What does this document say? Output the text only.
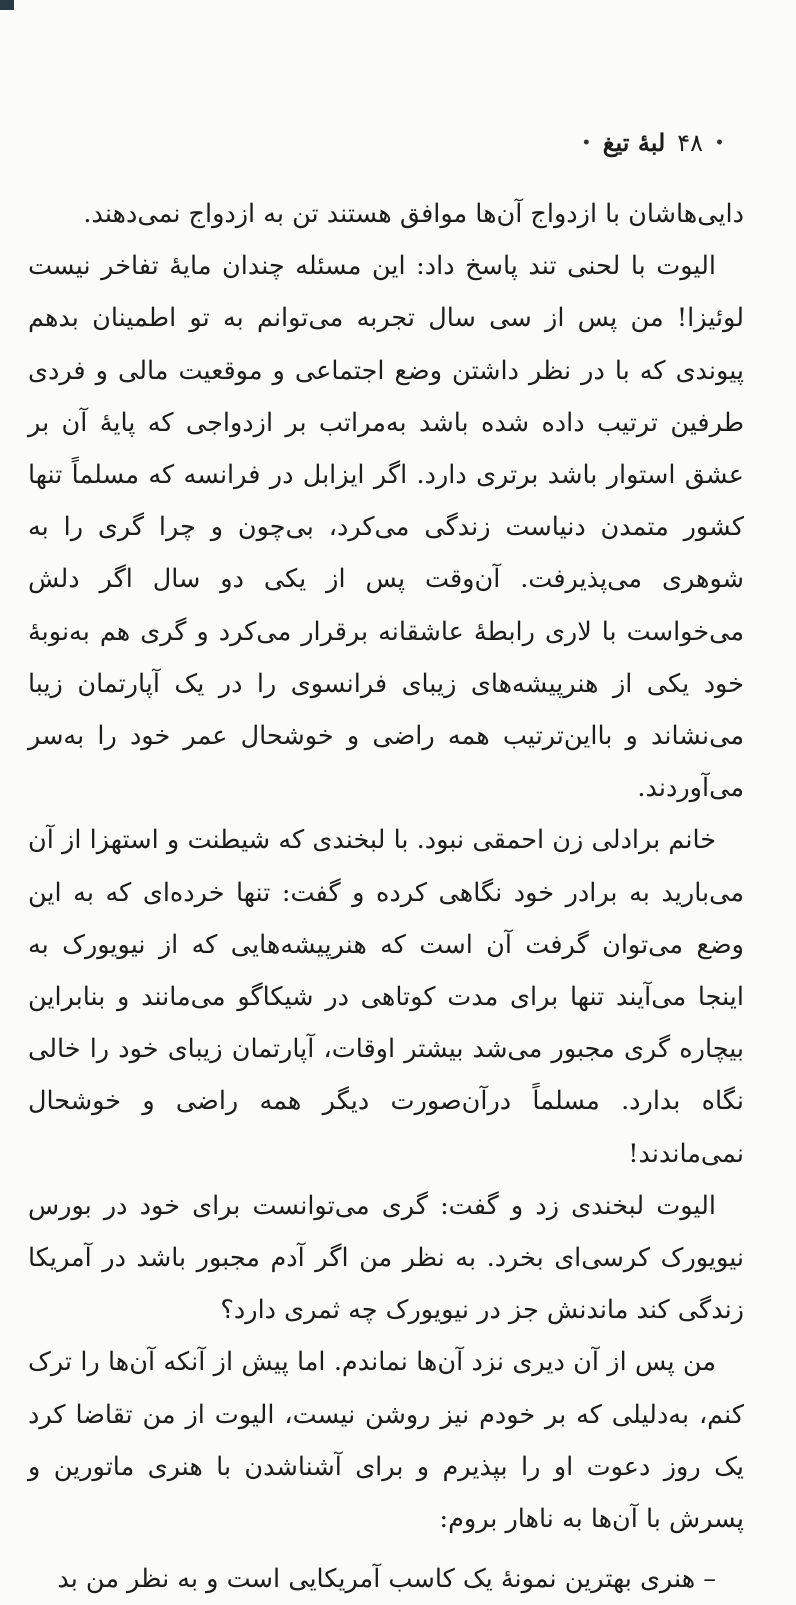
•
۴۸
لبهٔ تیغ
•

دایی‌هاشان با ازدواج آن‌ها موافق هستند تن به ازدواج نمی‌دهند.

الیوت با لحنی تند پاسخ داد: این مسئله چندان مایهٔ تفاخر نیست لوئیزا! من پس از سی سال تجربه می‌توانم به تو اطمینان بدهم پیوندی که با در نظر داشتن وضع اجتماعی و موقعیت مالی و فردی طرفین ترتیب داده شده باشد به‌مراتب بر ازدواجی که پایهٔ آن بر عشق استوار باشد برتری دارد. اگر ایزابل در فرانسه که مسلماً تنها کشور متمدن دنیاست زندگی می‌کرد، بی‌چون و چرا گری را به شوهری می‌پذیرفت. آن‌وقت پس از یکی دو سال اگر دلش می‌خواست با لاری رابطهٔ عاشقانه برقرار می‌کرد و گری هم به‌نوبهٔ خود یکی از هنرپیشه‌های زیبای فرانسوی را در یک آپارتمان زیبا می‌نشاند و بااین‌ترتیب همه راضی و خوشحال عمر خود را به‌سر می‌آوردند.

خانم برادلی زن احمقی نبود. با لبخندی که شیطنت و استهزا از آن می‌بارید به برادر خود نگاهی کرده و گفت: تنها خرده‌ای که به این وضع می‌توان گرفت آن است که هنرپیشه‌هایی که از نیویورک به اینجا می‌آیند تنها برای مدت کوتاهی در شیکاگو می‌مانند و بنابراین بیچاره گری مجبور می‌شد بیشتر اوقات، آپارتمان زیبای خود را خالی نگاه بدارد. مسلماً درآن‌صورت دیگر همه راضی و خوشحال نمی‌ماندند!

الیوت لبخندی زد و گفت: گری می‌توانست برای خود در بورس نیویورک کرسی‌ای بخرد. به نظر من اگر آدم مجبور باشد در آمریکا زندگی کند ماندنش جز در نیویورک چه ثمری دارد؟

من پس از آن دیری نزد آن‌ها نماندم. اما پیش از آنکه آن‌ها را ترک کنم، به‌دلیلی که بر خودم نیز روشن نیست، الیوت از من تقاضا کرد یک روز دعوت او را بپذیرم و برای آشناشدن با هنری ماتورین و پسرش با آن‌ها به ناهار بروم:

– هنری بهترین نمونهٔ یک کاسب آمریکایی است و به نظر من بد
